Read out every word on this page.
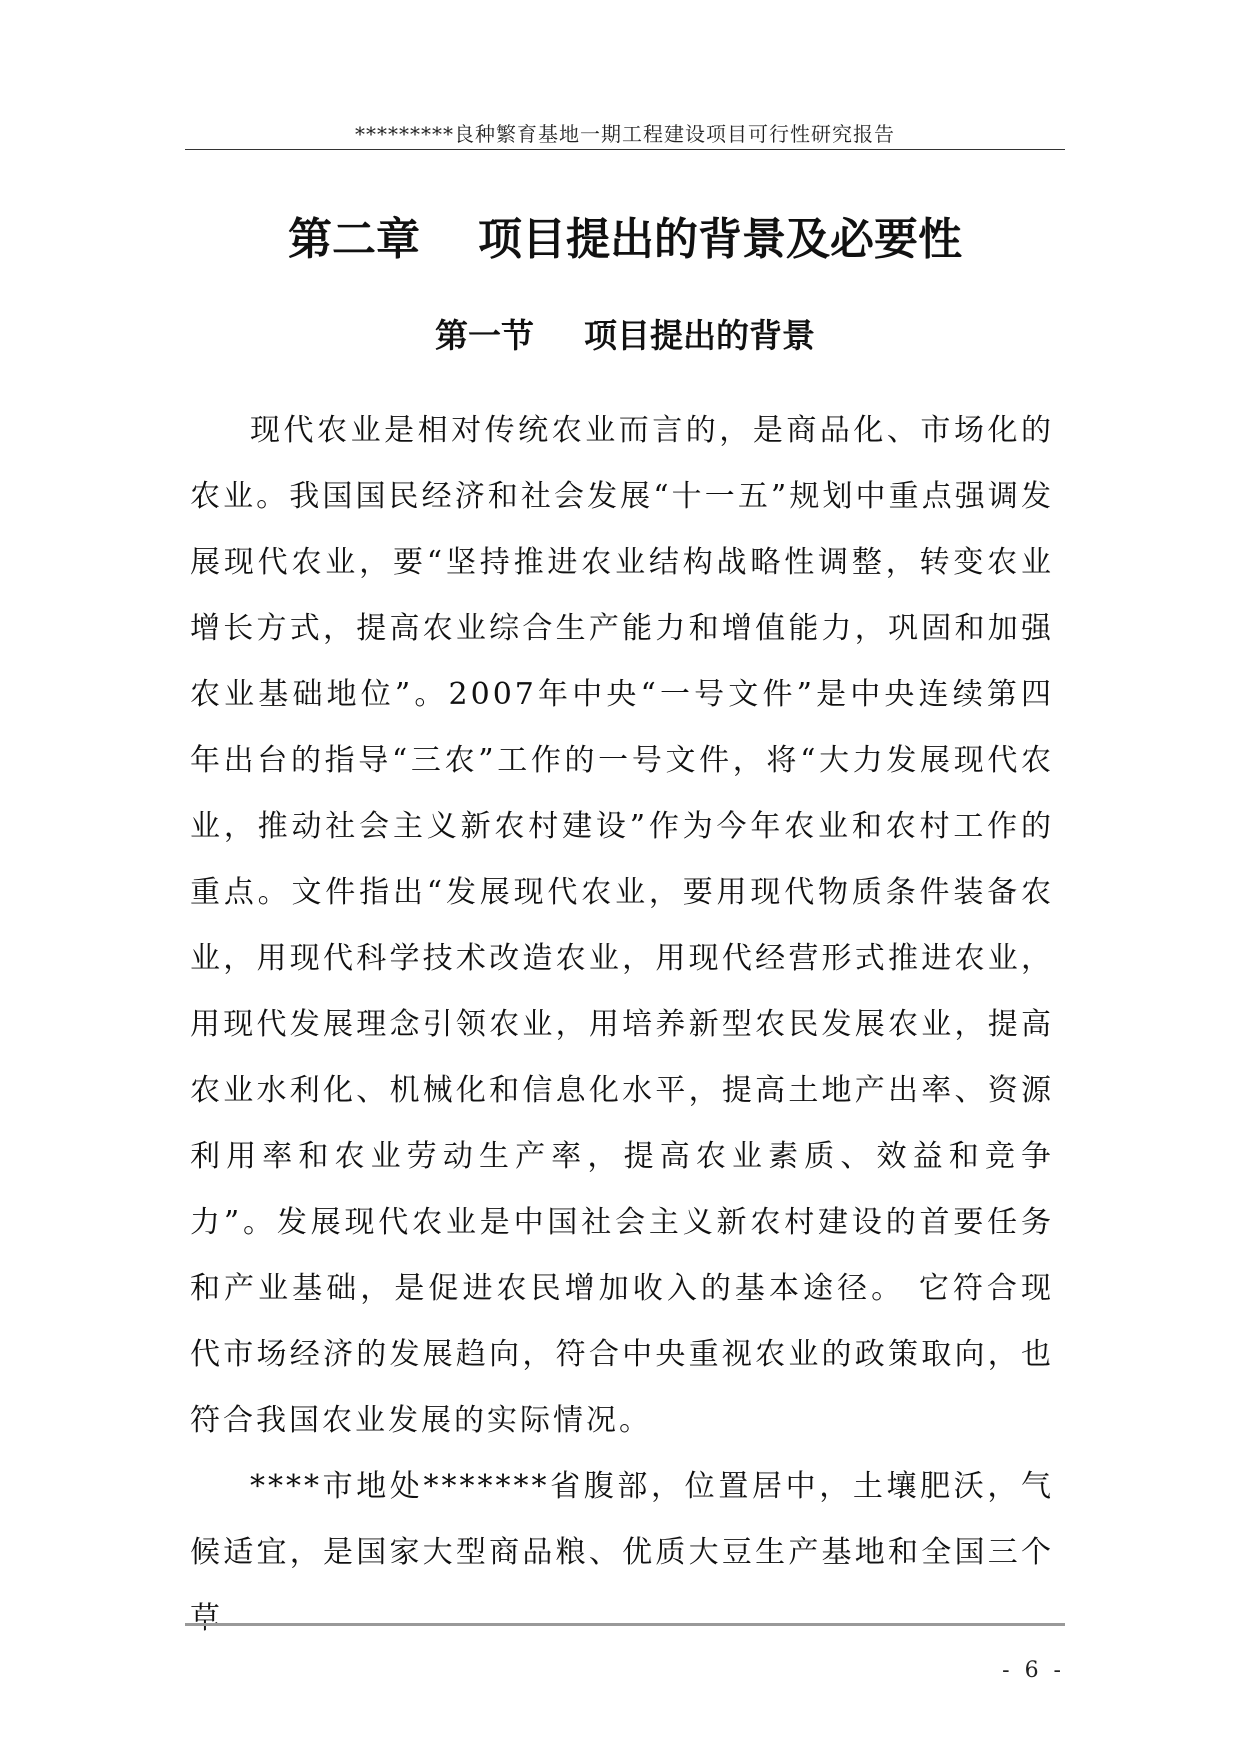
*********良种繁育基地一期工程建设项目可行性研究报告
第二章 项目提出的背景及必要性
第一节 项目提出的背景

现代农业是相对传统农业而言的，是商品化、市场化的农业。我国国民经济和社会发展“十一五”规划中重点强调发展现代农业，要“坚持推进农业结构战略性调整，转变农业增长方式，提高农业综合生产能力和增值能力，巩固和加强农业基础地位”。2007年中央“一号文件”是中央连续第四年出台的指导“三农”工作的一号文件，将“大力发展现代农业，推动社会主义新农村建设”作为今年农业和农村工作的重点。文件指出“发展现代农业，要用现代物质条件装备农业，用现代科学技术改造农业，用现代经营形式推进农业，用现代发展理念引领农业，用培养新型农民发展农业，提高农业水利化、机械化和信息化水平，提高土地产出率、资源利用率和农业劳动生产率，提高农业素质、效益和竞争力”。发展现代农业是中国社会主义新农村建设的首要任务和产业基础，是促进农民增加收入的基本途径。 它符合现代市场经济的发展趋向，符合中央重视农业的政策取向，也符合我国农业发展的实际情况。

****市地处*******省腹部，位置居中，土壤肥沃，气候适宜，是国家大型商品粮、优质大豆生产基地和全国三个草

- 6 -
